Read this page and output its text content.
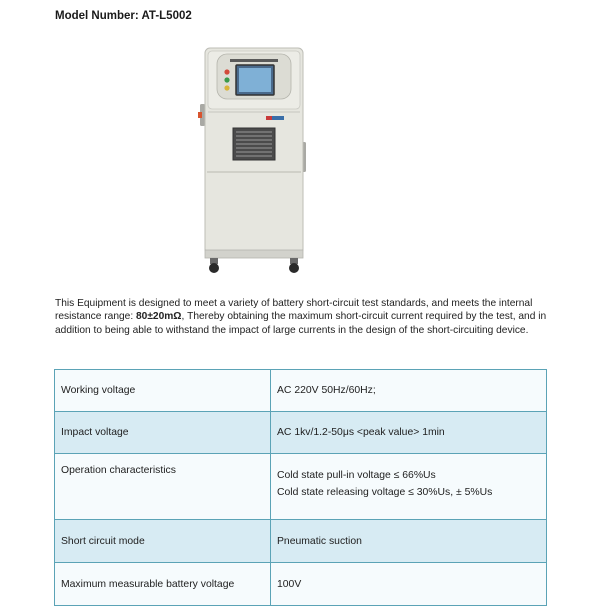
Model Number: AT-L5002
This Equipment is designed to meet a variety of battery short-circuit test standards, and meets the internal resistance range: 80±20mΩ, Thereby obtaining the maximum short-circuit current required by the test, and in addition to being able to withstand the impact of large currents in the design of the short-circuiting device.
Working voltage	AC 220V 50Hz/60Hz;
Impact voltage	AC 1kv/1.2-50μs <peak value> 1min
Operation characteristics	Cold state pull-in voltage ≤ 66%Us
Cold state releasing voltage ≤ 30%Us, ± 5%Us

Short circuit mode	Pneumatic suction
Maximum measurable battery voltage	100V
